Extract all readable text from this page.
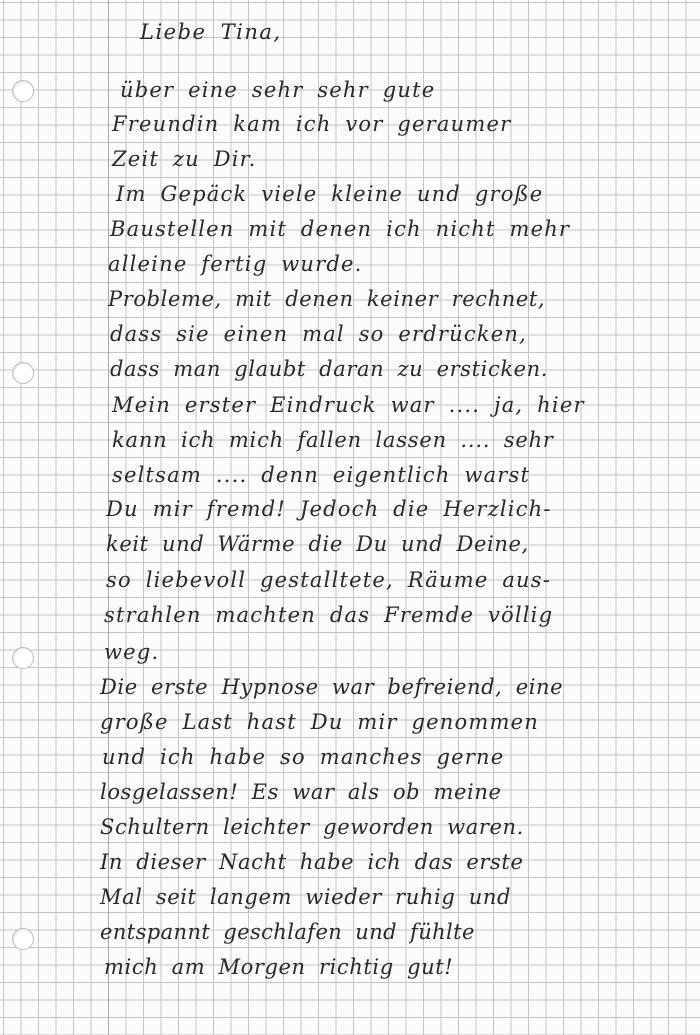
Liebe Tina,
über eine sehr sehr gute
Freundin kam ich vor geraumer
Zeit zu Dir.
Im Gepäck viele kleine und große
Baustellen mit denen ich nicht mehr
alleine fertig wurde.
Probleme, mit denen keiner rechnet,
dass sie einen mal so erdrücken,
dass man glaubt daran zu ersticken.
Mein erster Eindruck war .... ja, hier
kann ich mich fallen lassen .... sehr
seltsam .... denn eigentlich warst
Du mir fremd! Jedoch die Herzlich-
keit und Wärme die Du und Deine,
so liebevoll gestalltete, Räume aus-
strahlen machten das Fremde völlig
weg.
Die erste Hypnose war befreiend, eine
große Last hast Du mir genommen
und ich habe so manches gerne
losgelassen! Es war als ob meine
Schultern leichter geworden waren.
In dieser Nacht habe ich das erste
Mal seit langem wieder ruhig und
entspannt geschlafen und fühlte
mich am Morgen richtig gut!
